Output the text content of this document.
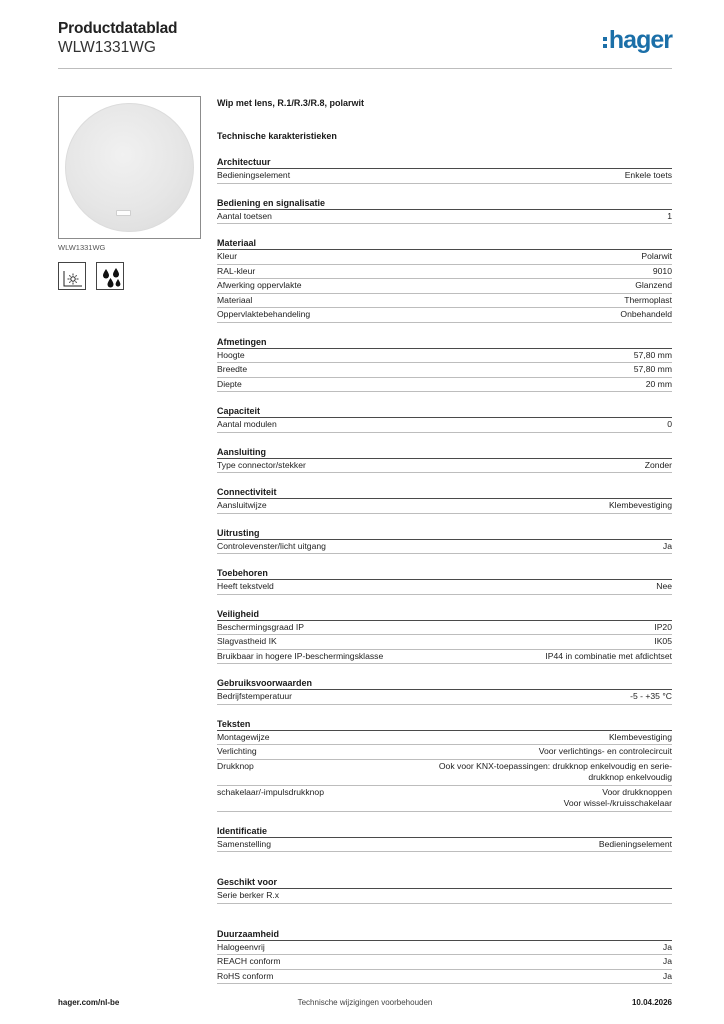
Productdatablad
WLW1331WG	hager
WLW1331WG
Wip met lens, R.1/R.3/R.8, polarwit
Technische karakteristieken
Architectuur
Bedieningselement	Enkele toets
Bediening en signalisatie
Aantal toetsen	1
Materiaal
Kleur	Polarwit
RAL-kleur	9010
Afwerking oppervlakte	Glanzend
Materiaal	Thermoplast
Oppervlaktebehandeling	Onbehandeld
Afmetingen
Hoogte	57,80 mm
Breedte	57,80 mm
Diepte	20 mm
Capaciteit
Aantal modulen	0
Aansluiting
Type connector/stekker	Zonder
Connectiviteit
Aansluitwijze	Klembevestiging
Uitrusting
Controlevenster/licht uitgang	Ja
Toebehoren
Heeft tekstveld	Nee
Veiligheid
Beschermingsgraad IP	IP20
Slagvastheid IK	IK05
Bruikbaar in hogere IP-beschermingsklasse	IP44 in combinatie met afdichtset
Gebruiksvoorwaarden
Bedrijfstemperatuur	-5 - +35 °C
Teksten
Montagewijze	Klembevestiging
Verlichting	Voor verlichtings- en controlecircuit
Drukknop	Ook voor KNX-toepassingen: drukknop enkelvoudig en serie-
drukknop enkelvoudig
schakelaar/-impulsdrukknop	Voor drukknoppen
Voor wissel-/kruisschakelaar
Identificatie
Samenstelling	Bedieningselement
Geschikt voor
Serie berker R.x
Duurzaamheid
Halogeenvrij	Ja
REACH conform	Ja
RoHS conform	Ja
hager.com/nl-be	Technische wijzigingen voorbehouden	10.04.2026
